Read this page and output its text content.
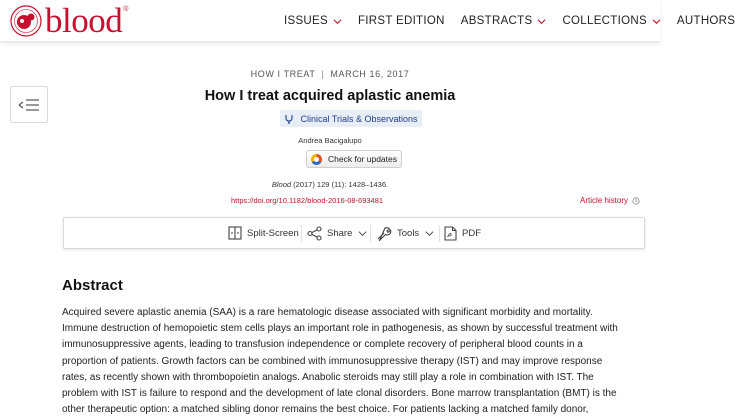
blood ®
ISSUES	FIRST EDITION ABSTRACTS	COLLECTIONS	AUTHORS
HOW I TREAT | MARCH 16, 2017
How I treat acquired aplastic anemia
Clinical Trials & Observations
Andrea Bacigalupo
Check for updates
Blood (2017) 129 (11): 1428–1436.
https://doi.org/10.1182/blood-2016-08-693481	Article history
Split-Screen	Share	Tools	PDF
Abstract
Acquired severe aplastic anemia (SAA) is a rare hematologic disease associated with significant morbidity and mortality.
Immune destruction of hemopoietic stem cells plays an important role in pathogenesis, as shown by successful treatment with
immunosuppressive agents, leading to transfusion independence or complete recovery of peripheral blood counts in a
proportion of patients. Growth factors can be combined with immunosuppressive therapy (IST) and may improve response
rates, as recently shown with thrombopoietin analogs. Anabolic steroids may still play a role in combination with IST. The
problem with IST is failure to respond and the development of late clonal disorders. Bone marrow transplantation (BMT) is the
other therapeutic option: a matched sibling donor remains the best choice. For patients lacking a matched family donor,
